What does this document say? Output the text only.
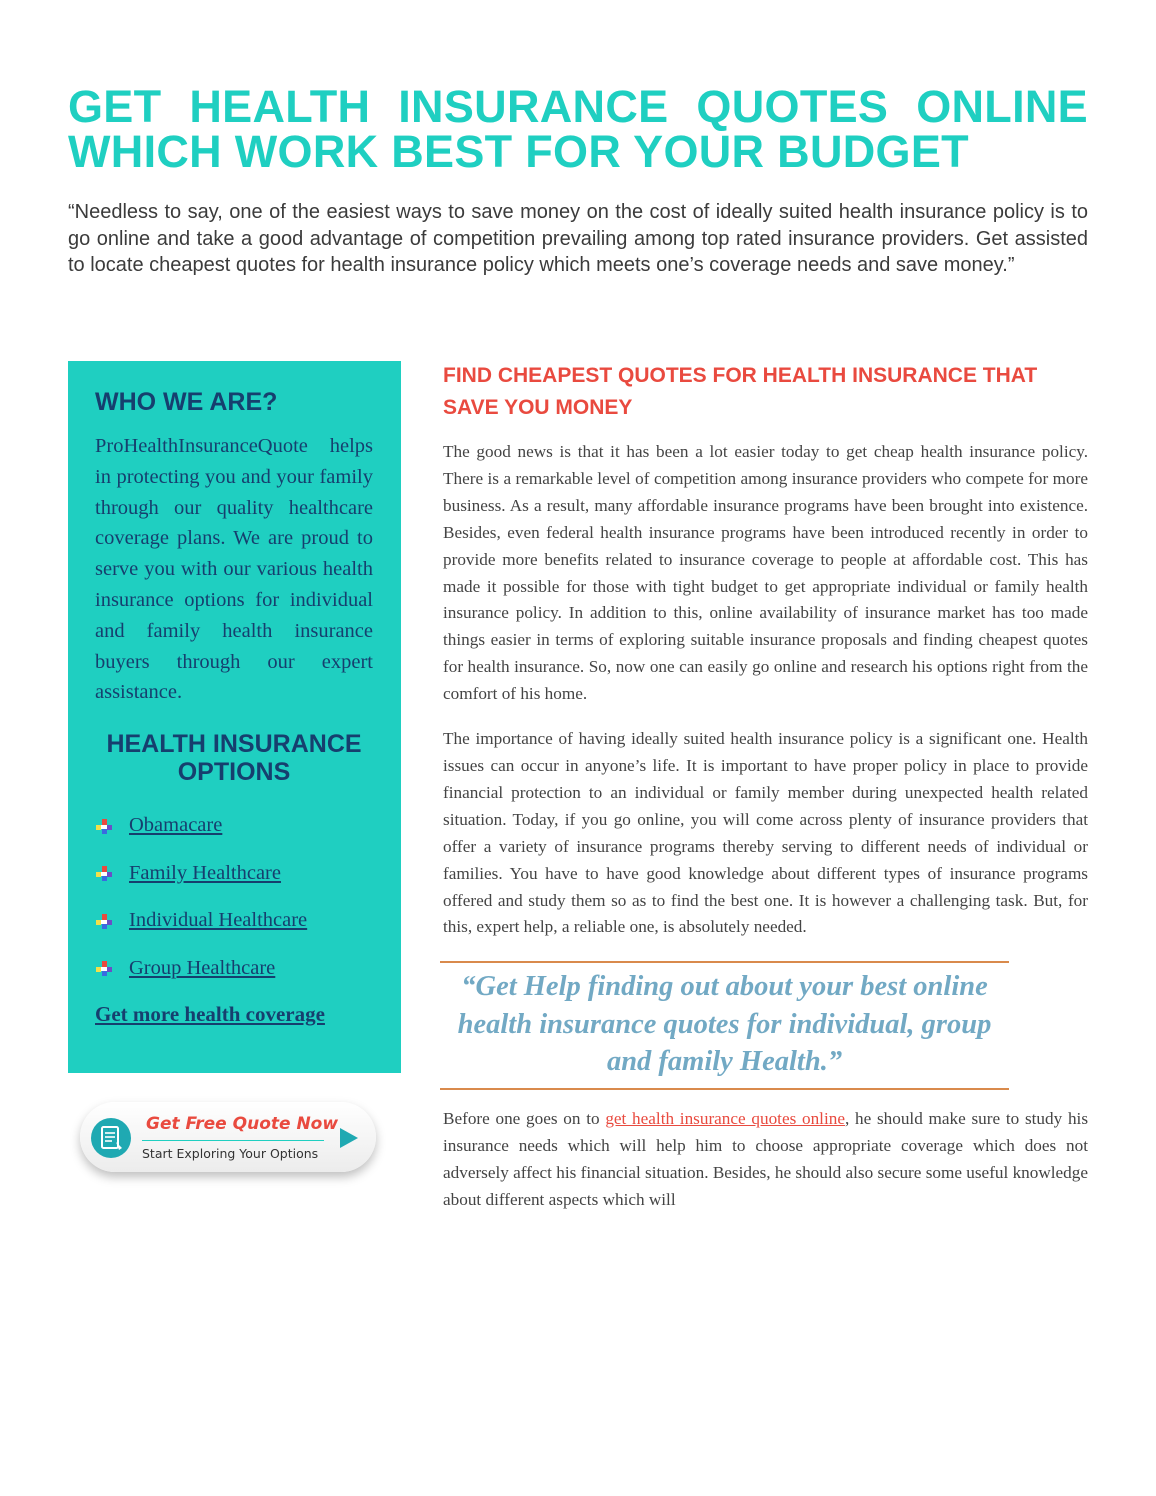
GET HEALTH INSURANCE QUOTES ONLINE
WHICH WORK BEST FOR YOUR BUDGET

“Needless to say, one of the easiest ways to save money on the cost of ideally suited health insurance policy is to go online and take a good advantage of competition prevailing among top rated insurance providers. Get assisted to locate cheapest quotes for health insurance policy which meets one’s coverage needs and save money.”

WHO WE ARE?

ProHealthInsuranceQuote helps in protecting you and your family through our quality healthcare coverage plans. We are proud to serve you with our various health insurance options for individual and family health insurance buyers through our expert assistance.

HEALTH INSURANCE OPTIONS
Obamacare
Family Healthcare
Individual Healthcare
Group Healthcare
Get more health coverage
Get Free Quote Now
Start Exploring Your Options
FIND CHEAPEST QUOTES FOR HEALTH INSURANCE THAT SAVE YOU MONEY

The good news is that it has been a lot easier today to get cheap health insurance policy. There is a remarkable level of competition among insurance providers who compete for more business. As a result, many affordable insurance programs have been brought into existence. Besides, even federal health insurance programs have been introduced recently in order to provide more benefits related to insurance coverage to people at affordable cost. This has made it possible for those with tight budget to get appropriate individual or family health insurance policy. In addition to this, online availability of insurance market has too made things easier in terms of exploring suitable insurance proposals and finding cheapest quotes for health insurance. So, now one can easily go online and research his options right from the comfort of his home.

The importance of having ideally suited health insurance policy is a significant one. Health issues can occur in anyone’s life. It is important to have proper policy in place to provide financial protection to an individual or family member during unexpected health related situation. Today, if you go online, you will come across plenty of insurance providers that offer a variety of insurance programs thereby serving to different needs of individual or families. You have to have good knowledge about different types of insurance programs offered and study them so as to find the best one. It is however a challenging task. But, for this, expert help, a reliable one, is absolutely needed.

“Get Help finding out about your best online health insurance quotes for individual, group and family Health.”

Before one goes on to get health insurance quotes online, he should make sure to study his insurance needs which will help him to choose appropriate coverage which does not adversely affect his financial situation. Besides, he should also secure some useful knowledge about different aspects which will
